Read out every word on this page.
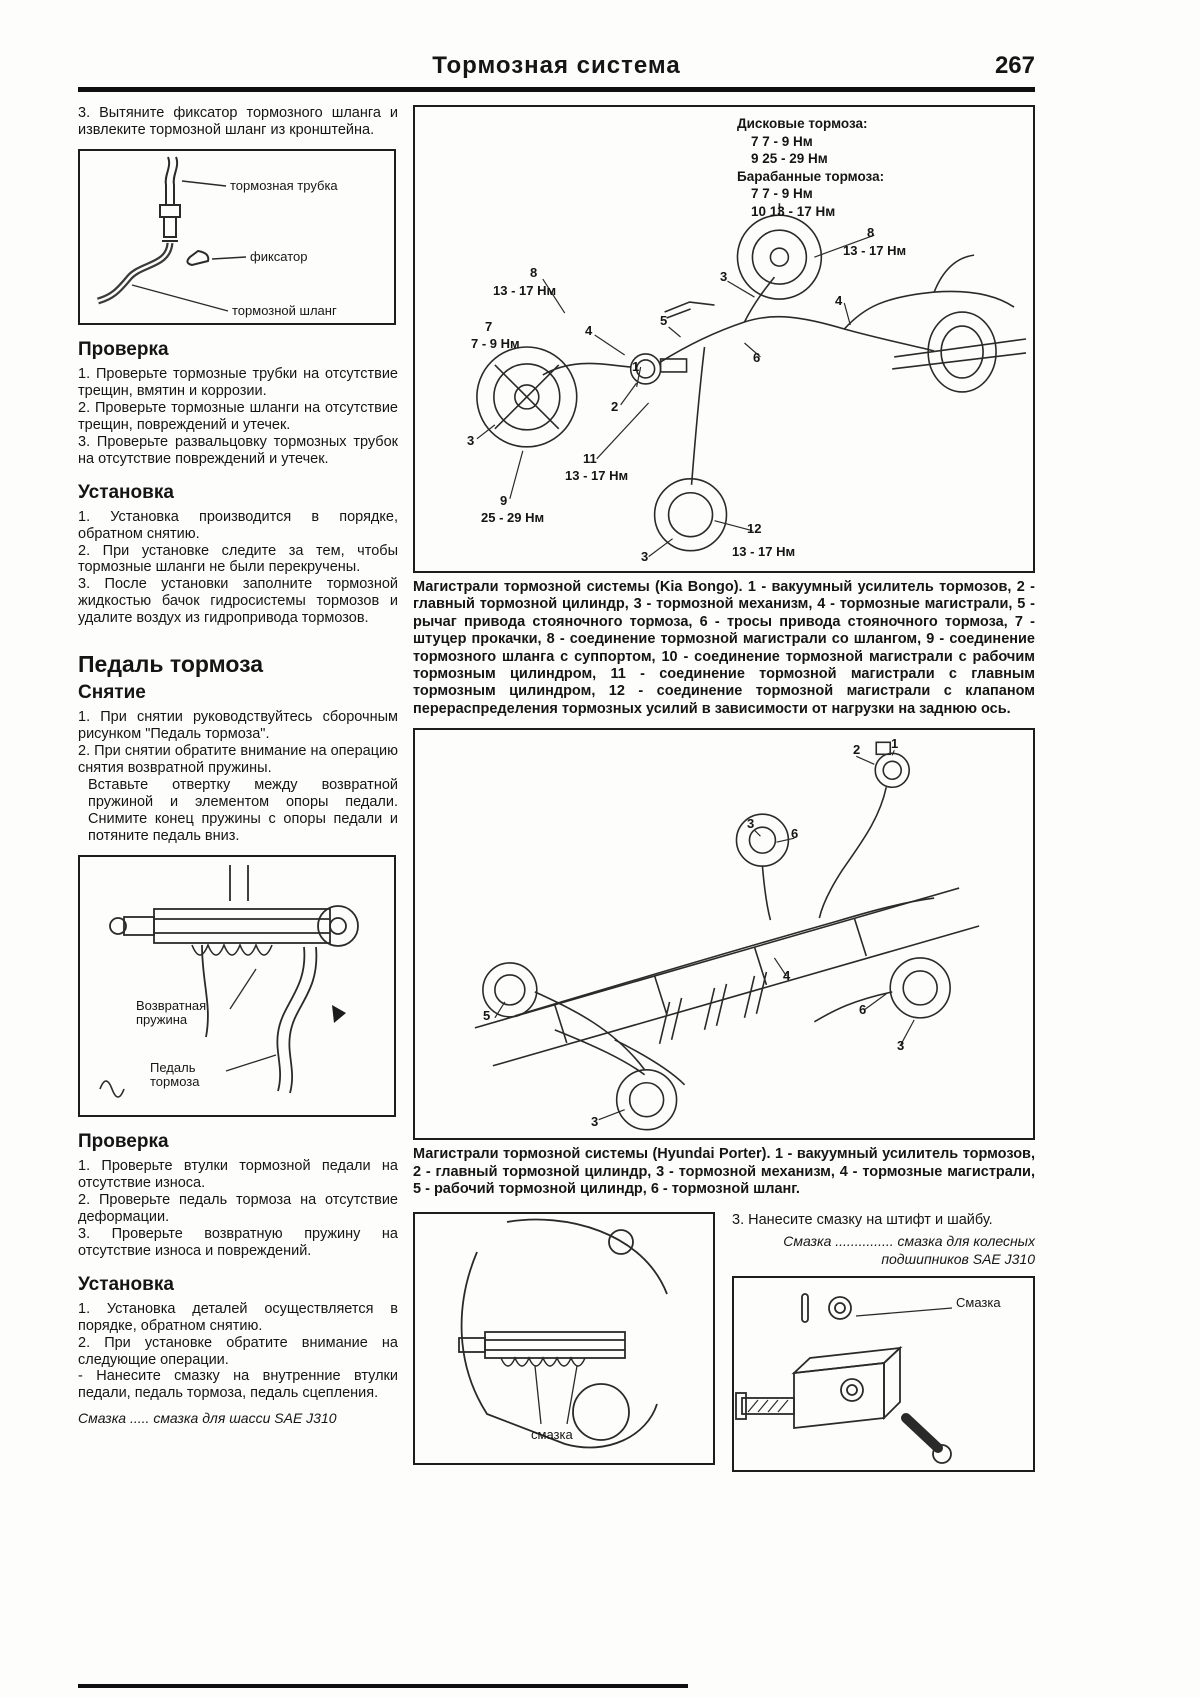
Тормозная система	267

3. Вытяните фиксатор тормозного шланга и извлеките тормозной шланг из кронштейна.

тормозная трубка
фиксатор
тормозной шланг
Проверка

1. Проверьте тормозные трубки на отсутствие трещин, вмятин и коррозии.

2. Проверьте тормозные шланги на отсутствие трещин, повреждений и утечек.

3. Проверьте развальцовку тормозных трубок на отсутствие повреждений и утечек.

Установка

1. Установка производится в порядке, обратном снятию.

2. При установке следите за тем, чтобы тормозные шланги не были перекручены.

3. После установки заполните тормозной жидкостью бачок гидросистемы тормозов и удалите воздух из гидропривода тормозов.

Педаль тормоза
Снятие

1. При снятии руководствуйтесь сборочным рисунком "Педаль тормоза".

2. При снятии обратите внимание на операцию снятия возвратной пружины.

Вставьте отвертку между возвратной пружиной и элементом опоры педали. Снимите конец пружины с опоры педали и потяните педаль вниз.

Возвратная пружина
Педаль тормоза
Проверка

1. Проверьте втулки тормозной педали на отсутствие износа.

2. Проверьте педаль тормоза на отсутствие деформации.

3. Проверьте возвратную пружину на отсутствие износа и повреждений.

Установка

1. Установка деталей осуществляется в порядке, обратном снятию.

2. При установке обратите внимание на следующие операции.

- Нанесите смазку на внутренние втулки педали, педаль тормоза, педаль сцепления.

Смазка ..... смазка для шасси SAE J310

Дисковые тормоза:
7 7 - 9 Нм
9 25 - 29 Нм
Барабанные тормоза:
7 7 - 9 Нм
10 13 - 17 Нм
8
13 - 17 Нм
3
8
13 - 17 Нм
7
7 - 9 Нм
5
4
4
1
2
6
3
11
13 - 17 Нм
9
25 - 29 Нм
12
13 - 17 Нм
3

Магистрали тормозной системы (Kia Bongo). 1 - вакуумный усилитель тормозов, 2 - главный тормозной цилиндр, 3 - тормозной механизм, 4 - тормозные магистрали, 5 - рычаг привода стояночного тормоза, 6 - тросы привода стояночного тормоза, 7 - штуцер прокачки, 8 - соединение тормозной магистрали со шлангом, 9 - соединение тормозного шланга с суппортом, 10 - соединение тормозной магистрали с рабочим тормозным цилиндром, 11 - соединение тормозной магистрали с главным тормозным цилиндром, 12 - соединение тормозной магистрали с клапаном перераспределения тормозных усилий в зависимости от нагрузки на заднюю ось.

2 1
3
6
4
6
3
5
3

Магистрали тормозной системы (Hyundai Porter). 1 - вакуумный усилитель тормозов, 2 - главный тормозной цилиндр, 3 - тормозной механизм, 4 - тормозные магистрали, 5 - рабочий тормозной цилиндр, 6 - тормозной шланг.

смазка

3. Нанесите смазку на штифт и шайбу.

Смазка ............... смазка для колесных
подшипников SAE J310
Смазка
